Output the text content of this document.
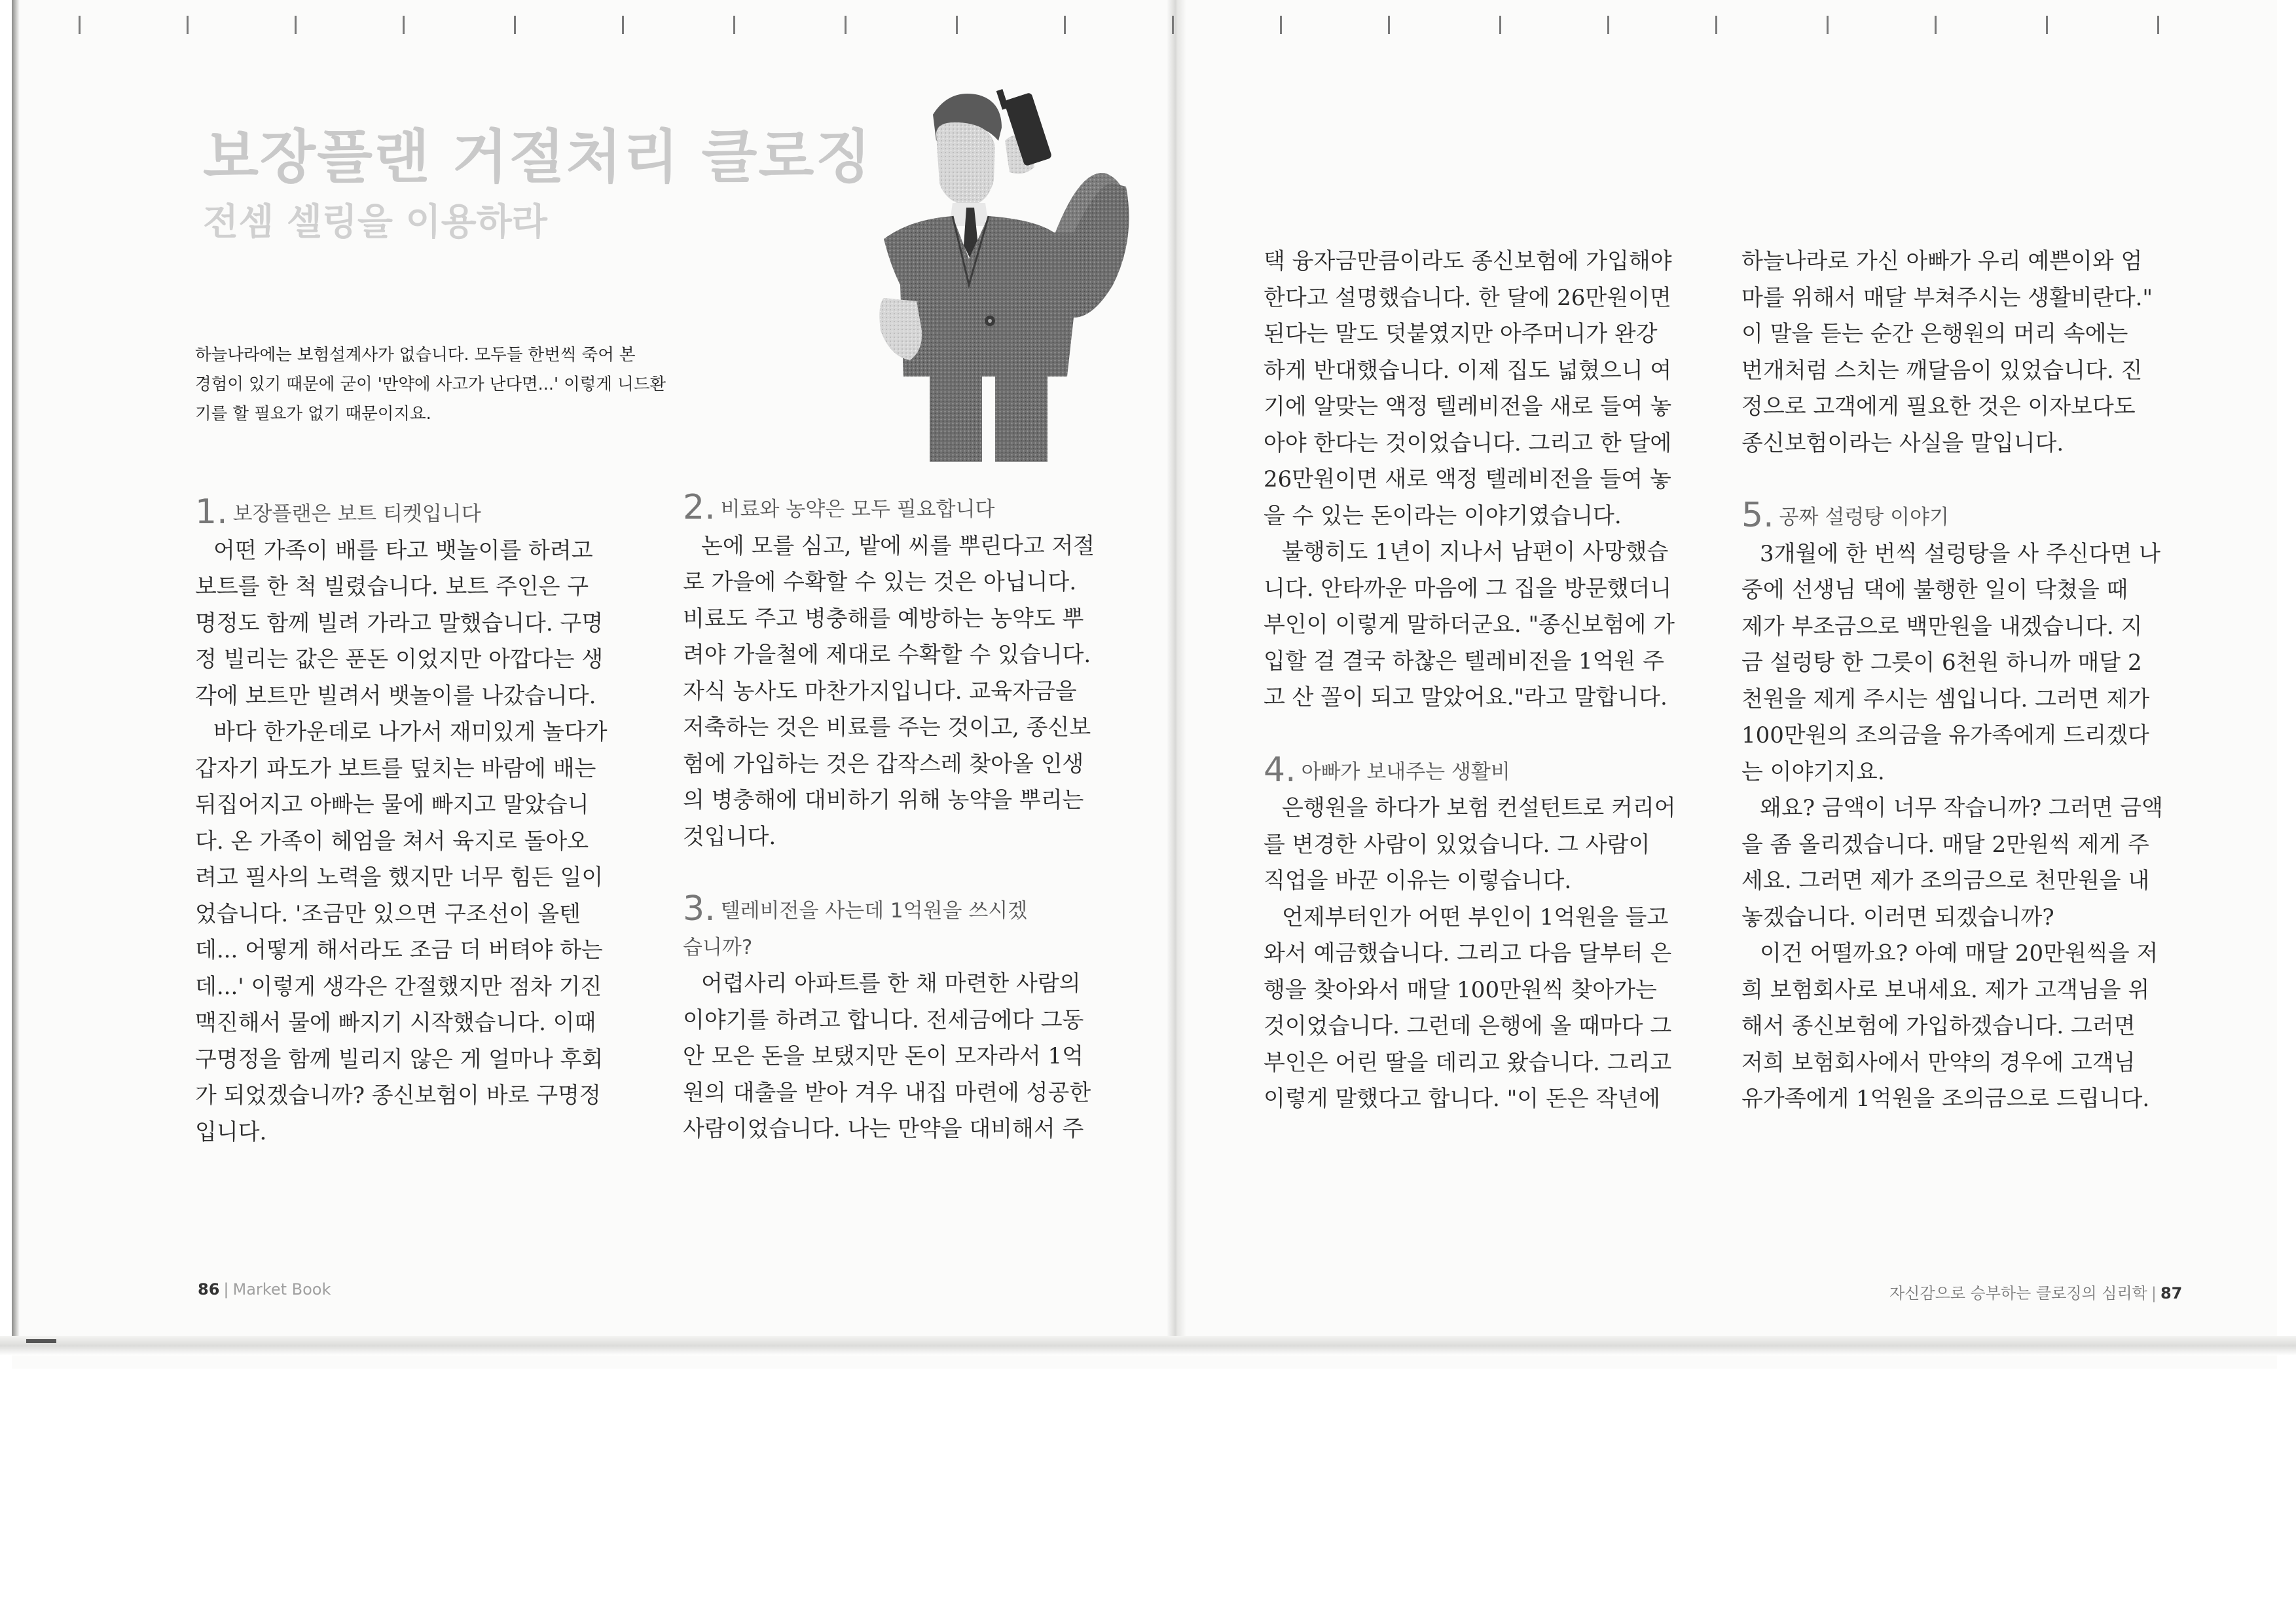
보장플랜 거절처리 클로징
전셈 셀링을 이용하라

하늘나라에는 보험설계사가 없습니다. 모두들 한번씩 죽어 본
경험이 있기 때문에 굳이 '만약에 사고가 난다면...' 이렇게 니드환
기를 할 필요가 없기 때문이지요.

1. 보장플랜은 보트 티켓입니다
어떤 가족이 배를 타고 뱃놀이를 하려고
보트를 한 척 빌렸습니다. 보트 주인은 구
명정도 함께 빌려 가라고 말했습니다. 구명
정 빌리는 값은 푼돈 이었지만 아깝다는 생
각에 보트만 빌려서 뱃놀이를 나갔습니다.
바다 한가운데로 나가서 재미있게 놀다가
갑자기 파도가 보트를 덮치는 바람에 배는
뒤집어지고 아빠는 물에 빠지고 말았습니
다. 온 가족이 헤엄을 쳐서 육지로 돌아오
려고 필사의 노력을 했지만 너무 힘든 일이
었습니다. '조금만 있으면 구조선이 올텐
데... 어떻게 해서라도 조금 더 버텨야 하는
데...' 이렇게 생각은 간절했지만 점차 기진
맥진해서 물에 빠지기 시작했습니다. 이때
구명정을 함께 빌리지 않은 게 얼마나 후회
가 되었겠습니까? 종신보험이 바로 구명정
입니다.
2. 비료와 농약은 모두 필요합니다
논에 모를 심고, 밭에 씨를 뿌린다고 저절
로 가을에 수확할 수 있는 것은 아닙니다.
비료도 주고 병충해를 예방하는 농약도 뿌
려야 가을철에 제대로 수확할 수 있습니다.
자식 농사도 마찬가지입니다. 교육자금을
저축하는 것은 비료를 주는 것이고, 종신보
험에 가입하는 것은 갑작스레 찾아올 인생
의 병충해에 대비하기 위해 농약을 뿌리는
것입니다.
3. 텔레비전을 사는데 1억원을 쓰시겠
습니까?
어렵사리 아파트를 한 채 마련한 사람의
이야기를 하려고 합니다. 전세금에다 그동
안 모은 돈을 보탰지만 돈이 모자라서 1억
원의 대출을 받아 겨우 내집 마련에 성공한
사람이었습니다. 나는 만약을 대비해서 주
택 융자금만큼이라도 종신보험에 가입해야
한다고 설명했습니다. 한 달에 26만원이면
된다는 말도 덧붙였지만 아주머니가 완강
하게 반대했습니다. 이제 집도 넓혔으니 여
기에 알맞는 액정 텔레비전을 새로 들여 놓
아야 한다는 것이었습니다. 그리고 한 달에
26만원이면 새로 액정 텔레비전을 들여 놓
을 수 있는 돈이라는 이야기였습니다.
불행히도 1년이 지나서 남편이 사망했습
니다. 안타까운 마음에 그 집을 방문했더니
부인이 이렇게 말하더군요. "종신보험에 가
입할 걸 결국 하찮은 텔레비전을 1억원 주
고 산 꼴이 되고 말았어요."라고 말합니다.
4. 아빠가 보내주는 생활비
은행원을 하다가 보험 컨설턴트로 커리어
를 변경한 사람이 있었습니다. 그 사람이
직업을 바꾼 이유는 이렇습니다.
언제부터인가 어떤 부인이 1억원을 들고
와서 예금했습니다. 그리고 다음 달부터 은
행을 찾아와서 매달 100만원씩 찾아가는
것이었습니다. 그런데 은행에 올 때마다 그
부인은 어린 딸을 데리고 왔습니다. 그리고
이렇게 말했다고 합니다. "이 돈은 작년에
하늘나라로 가신 아빠가 우리 예쁜이와 엄
마를 위해서 매달 부쳐주시는 생활비란다."
이 말을 듣는 순간 은행원의 머리 속에는
번개처럼 스치는 깨달음이 있었습니다. 진
정으로 고객에게 필요한 것은 이자보다도
종신보험이라는 사실을 말입니다.
5. 공짜 설렁탕 이야기
3개월에 한 번씩 설렁탕을 사 주신다면 나
중에 선생님 댁에 불행한 일이 닥쳤을 때
제가 부조금으로 백만원을 내겠습니다. 지
금 설렁탕 한 그릇이 6천원 하니까 매달 2
천원을 제게 주시는 셈입니다. 그러면 제가
100만원의 조의금을 유가족에게 드리겠다
는 이야기지요.
왜요? 금액이 너무 작습니까? 그러면 금액
을 좀 올리겠습니다. 매달 2만원씩 제게 주
세요. 그러면 제가 조의금으로 천만원을 내
놓겠습니다. 이러면 되겠습니까?
이건 어떨까요? 아예 매달 20만원씩을 저
희 보험회사로 보내세요. 제가 고객님을 위
해서 종신보험에 가입하겠습니다. 그러면
저희 보험회사에서 만약의 경우에 고객님
유가족에게 1억원을 조의금으로 드립니다.
86 | Market Book	자신감으로 승부하는 클로징의 심리학 | 87
